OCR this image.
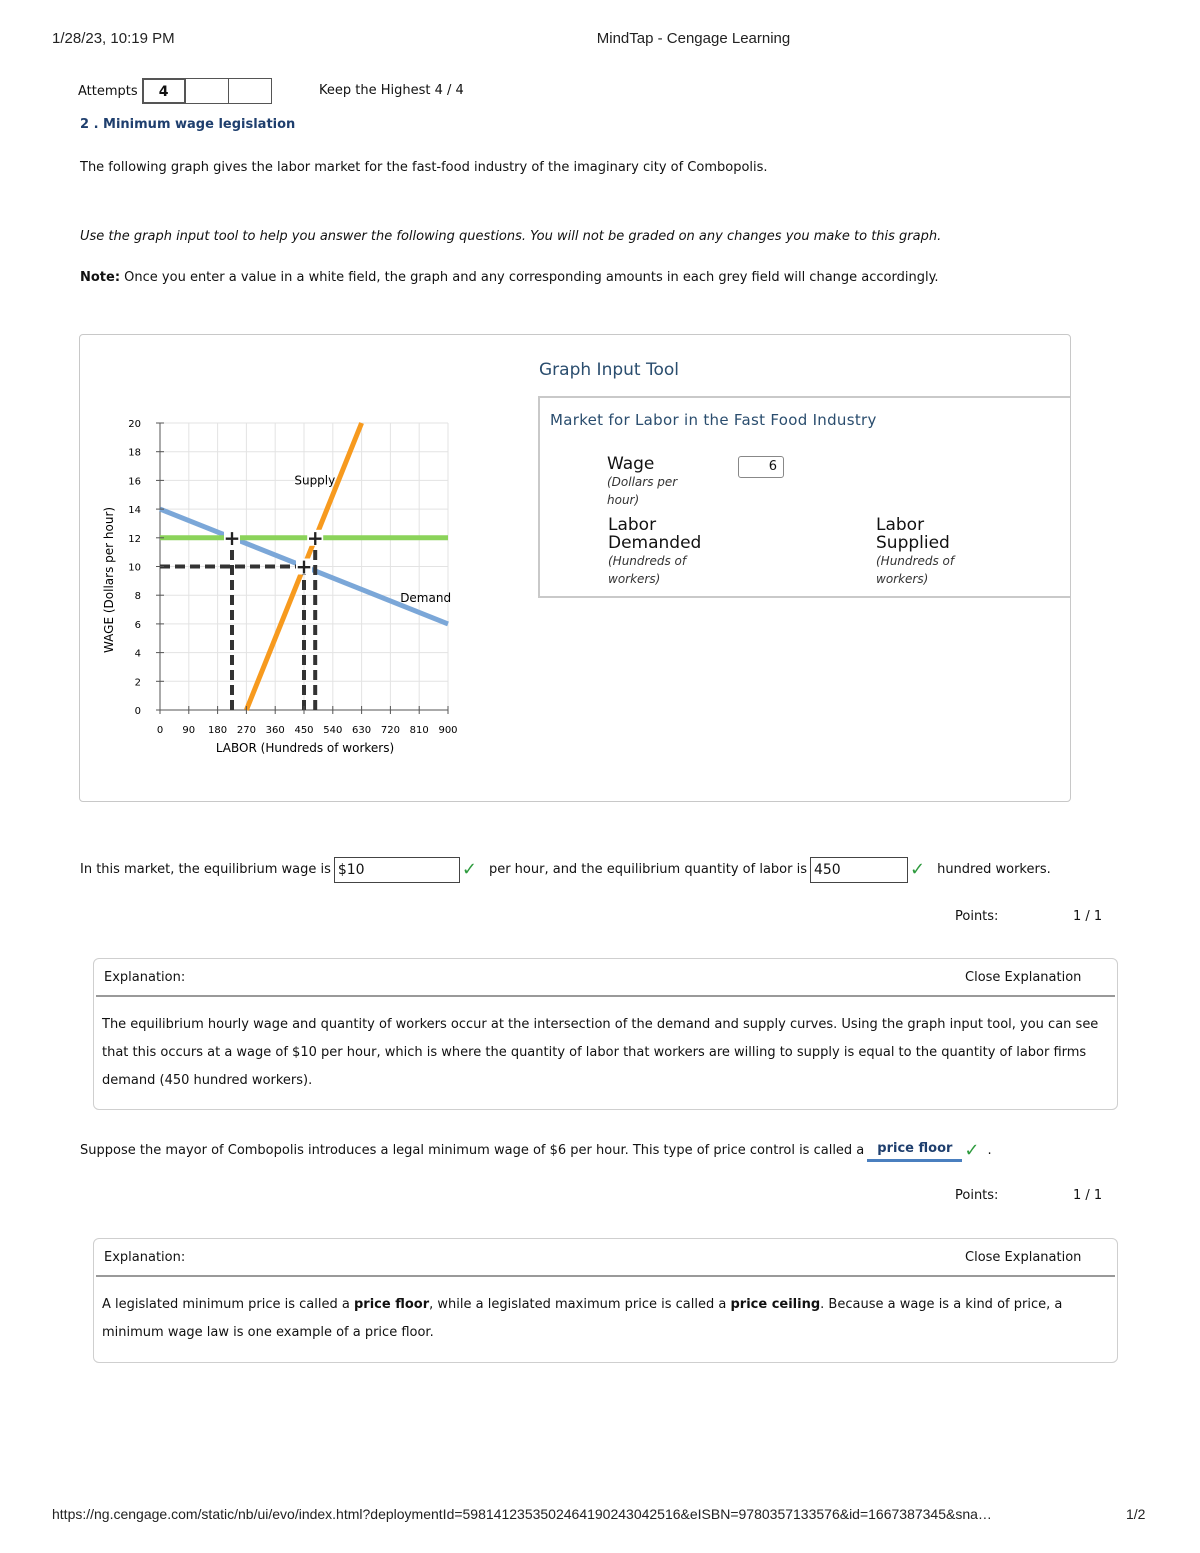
1/28/23, 10:19 PM	MindTap - Cengage Learning
Attempts	4	Keep the Highest 4 / 4
2 . Minimum wage legislation
The following graph gives the labor market for the fast-food industry of the imaginary city of Combopolis.
Use the graph input tool to help you answer the following questions. You will not be graded on any changes you make to this graph.
Note: Once you enter a value in a white field, the graph and any corresponding amounts in each grey field will change accordingly.
+	+
+
0 90 180 270 360 450 540 630 720 810 900
0
2
4
6
8
10
12
14
16
18
20
LABOR (Hundreds of workers)
WAGE (Dollars per hour)
Supply
Demand
Graph Input Tool
Market for Labor in the Fast Food Industry
Wage
(Dollars per hour)
6
Labor Demanded
(Hundreds of workers)
Labor Supplied
(Hundreds of workers)
In this market, the equilibrium wage is $10	✓ per hour, and the equilibrium quantity of labor is 450	✓ hundred workers.
Points:	1 / 1
Explanation:	Close Explanation
The equilibrium hourly wage and quantity of workers occur at the intersection of the demand and supply curves. Using the graph input tool, you can see that this occurs at a wage of $10 per hour, which is where the quantity of labor that workers are willing to supply is equal to the quantity of labor firms demand (450 hundred workers).
Suppose the mayor of Combopolis introduces a legal minimum wage of $6 per hour. This type of price control is called a	price floor ✓ .
Points:	1 / 1
Explanation:	Close Explanation
A legislated minimum price is called a price floor, while a legislated maximum price is called a price ceiling. Because a wage is a kind of price, a minimum wage law is one example of a price floor.
https://ng.cengage.com/static/nb/ui/evo/index.html?deploymentId=5981412353502464190243042516&eISBN=9780357133576&id=1667387345&sna…	1/2
